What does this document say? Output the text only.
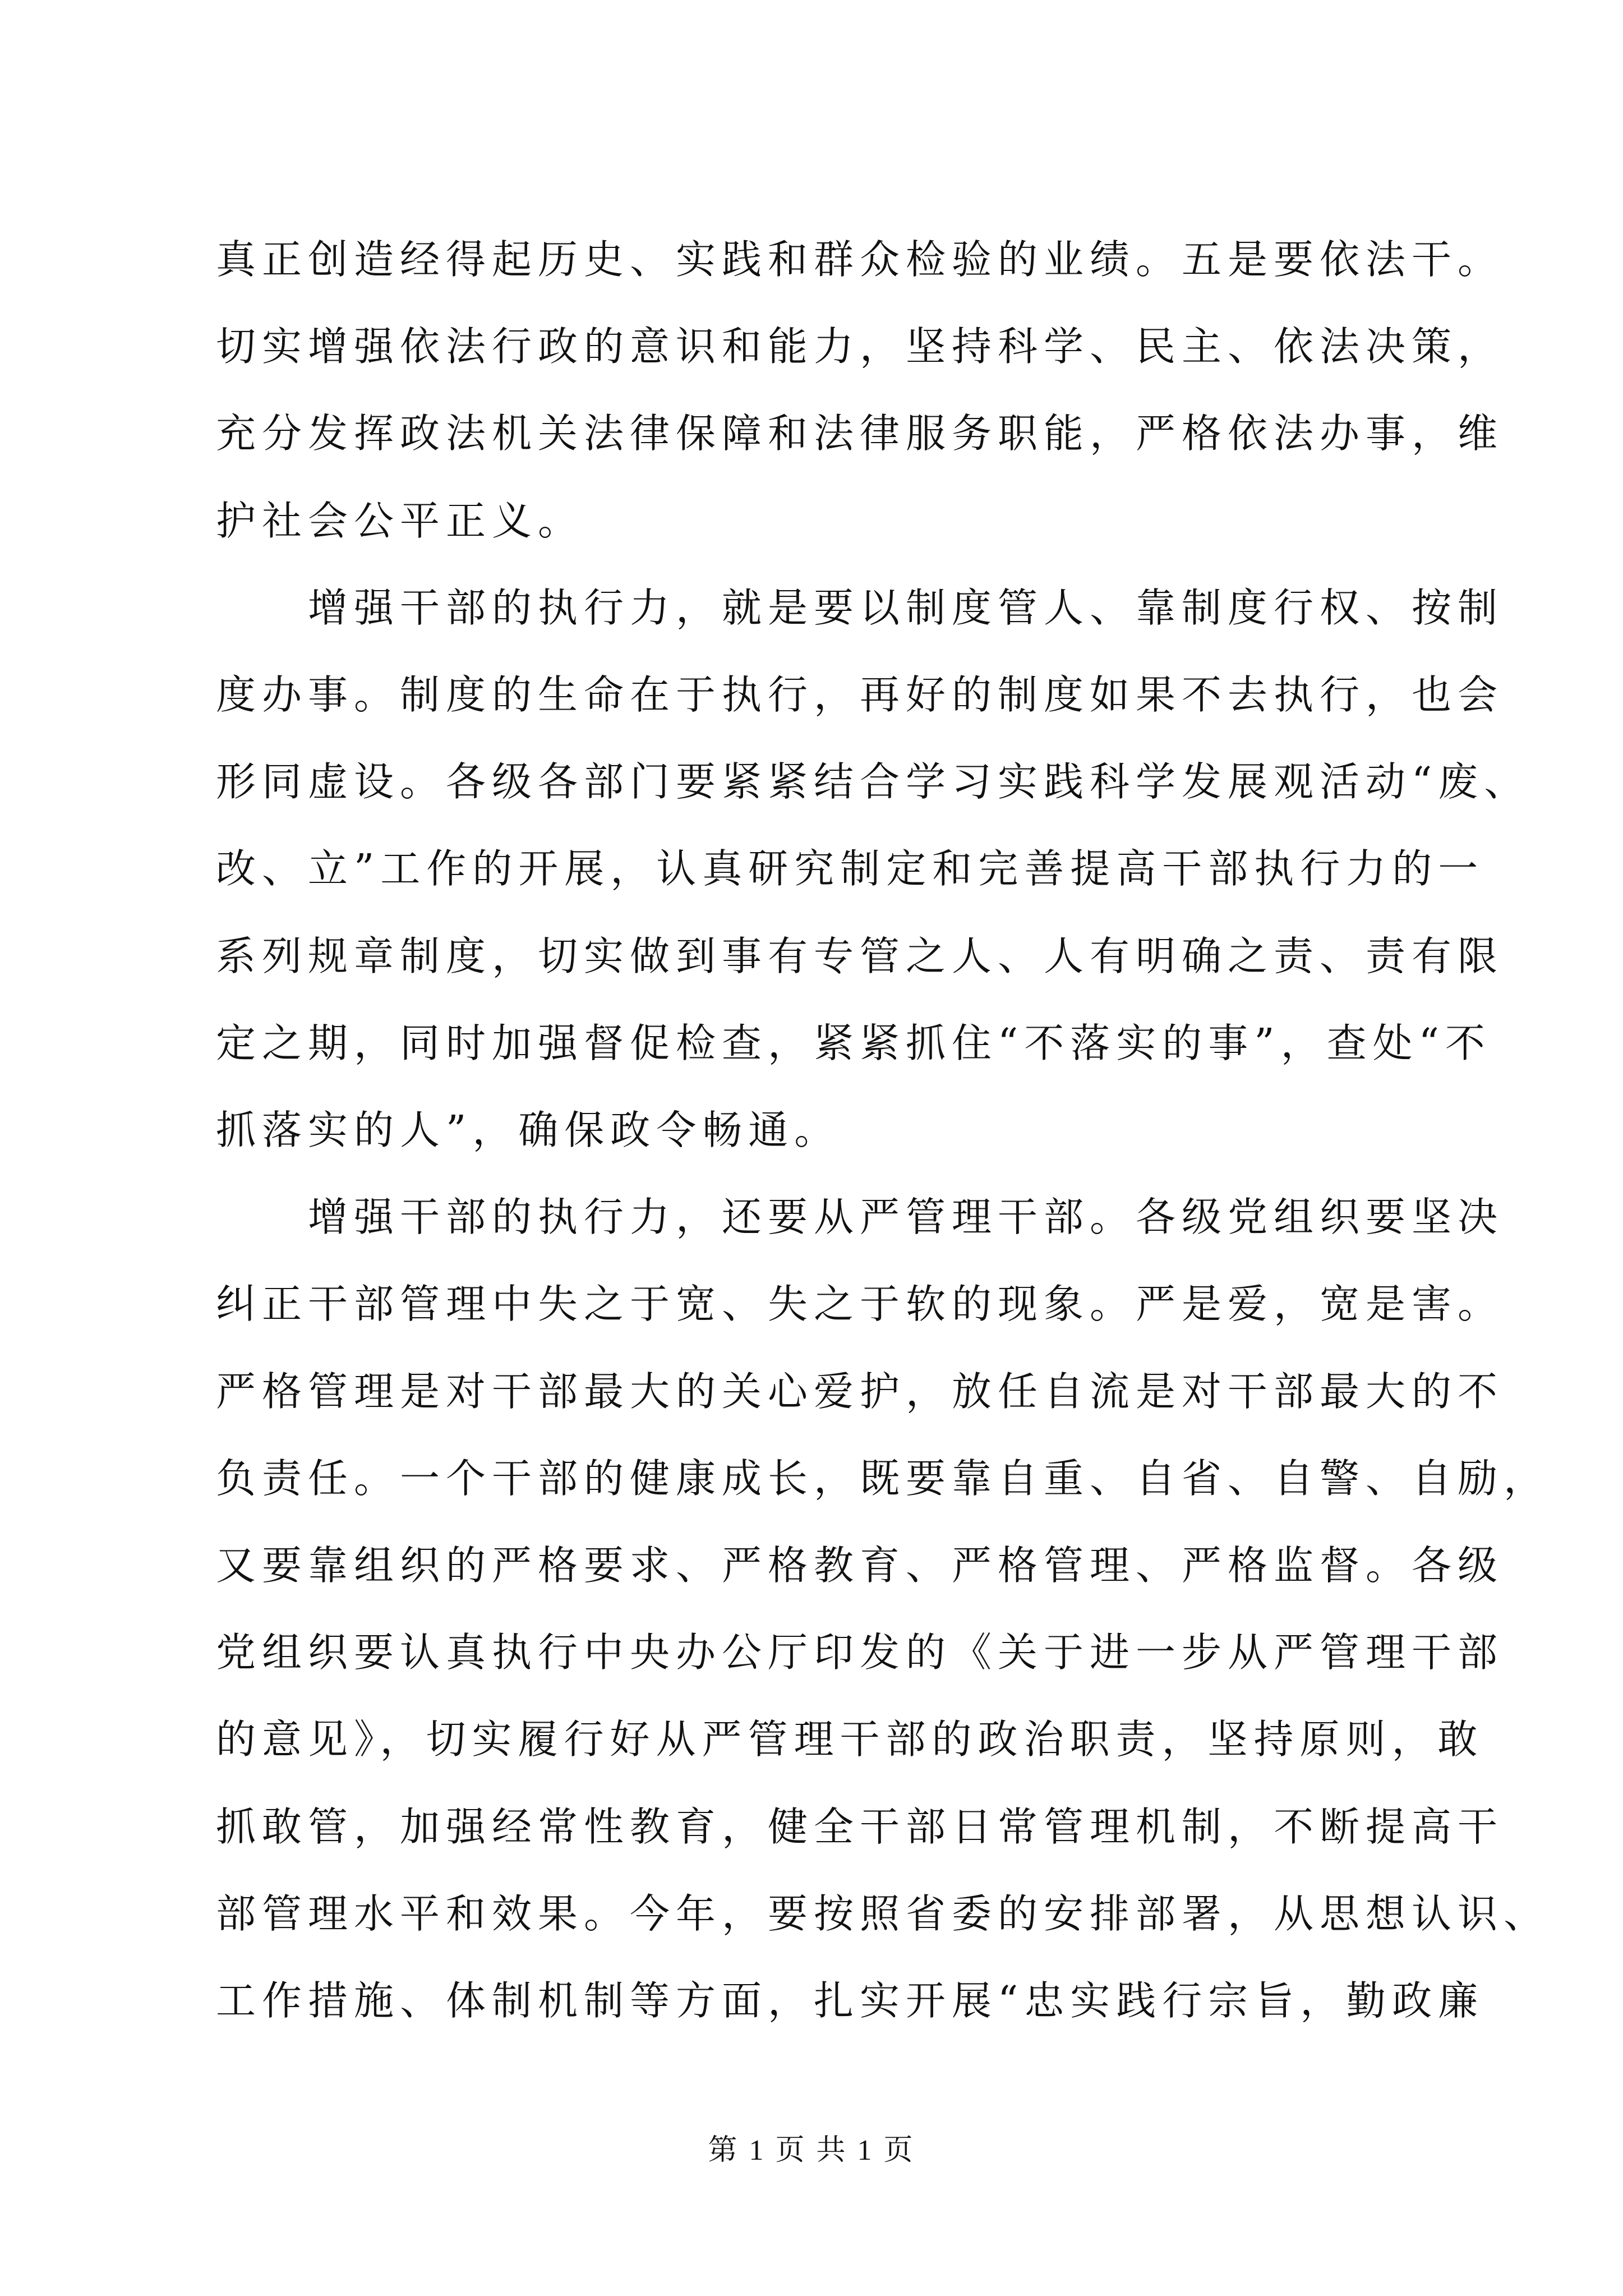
真正创造经得起历史、实践和群众检验的业绩。五是要依法干。
切实增强依法行政的意识和能力，坚持科学、民主、依法决策，
充分发挥政法机关法律保障和法律服务职能，严格依法办事，维
护社会公平正义。

增强干部的执行力，就是要以制度管人、靠制度行权、按制
度办事。制度的生命在于执行，再好的制度如果不去执行，也会
形同虚设。各级各部门要紧紧结合学习实践科学发展观活动“废、
改、立”工作的开展，认真研究制定和完善提高干部执行力的一
系列规章制度，切实做到事有专管之人、人有明确之责、责有限
定之期，同时加强督促检查，紧紧抓住“不落实的事”，查处“不
抓落实的人”，确保政令畅通。

增强干部的执行力，还要从严管理干部。各级党组织要坚决
纠正干部管理中失之于宽、失之于软的现象。严是爱，宽是害。
严格管理是对干部最大的关心爱护，放任自流是对干部最大的不
负责任。一个干部的健康成长，既要靠自重、自省、自警、自励，
又要靠组织的严格要求、严格教育、严格管理、严格监督。各级
党组织要认真执行中央办公厅印发的《关于进一步从严管理干部
的意见》，切实履行好从严管理干部的政治职责，坚持原则，敢
抓敢管，加强经常性教育，健全干部日常管理机制，不断提高干
部管理水平和效果。今年，要按照省委的安排部署，从思想认识、
工作措施、体制机制等方面，扎实开展“忠实践行宗旨，勤政廉

第 1 页 共 1 页
